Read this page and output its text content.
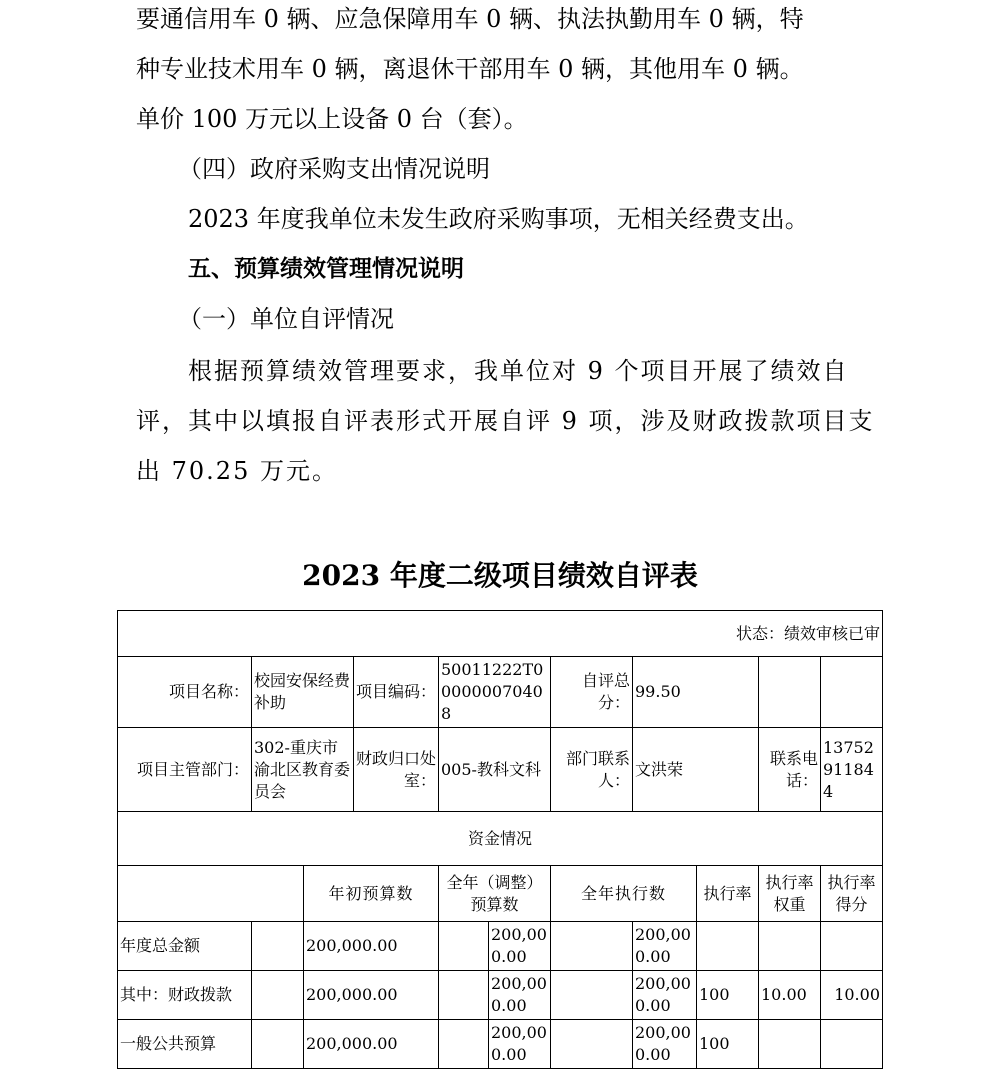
要通信用车 0 辆、应急保障用车 0 辆、执法执勤用车 0 辆，特

种专业技术用车 0 辆，离退休干部用车 0 辆，其他用车 0 辆。

单价 100 万元以上设备 0 台（套）。

（四）政府采购支出情况说明

2023 年度我单位未发生政府采购事项，无相关经费支出。

五、预算绩效管理情况说明

（一）单位自评情况

根据预算绩效管理要求，我单位对 9 个项目开展了绩效自评，其中以填报自评表形式开展自评 9 项，涉及财政拨款项目支出 70.25 万元。

2023 年度二级项目绩效自评表
状态：绩效审核已审										
项目名称：	校园安保经费补助		项目编码：	50011222T000000070408		自评总分：	99.50			
项目主管部门：	302-重庆市渝北区教育委员会		财政归口处室：	005-教科文科		部门联系人：	文洪荣		联系电话：	13752911844
资金情况										
		年初预算数		全年（调整）预算数		全年执行数		执行率	执行率权重	执行率得分
年度总金额		200,000.00			200,000.00		200,000.00			
其中：财政拨款		200,000.00			200,000.00		200,000.00	100	10.00	10.00
一般公共预算		200,000.00			200,000.00		200,000.00	100		
